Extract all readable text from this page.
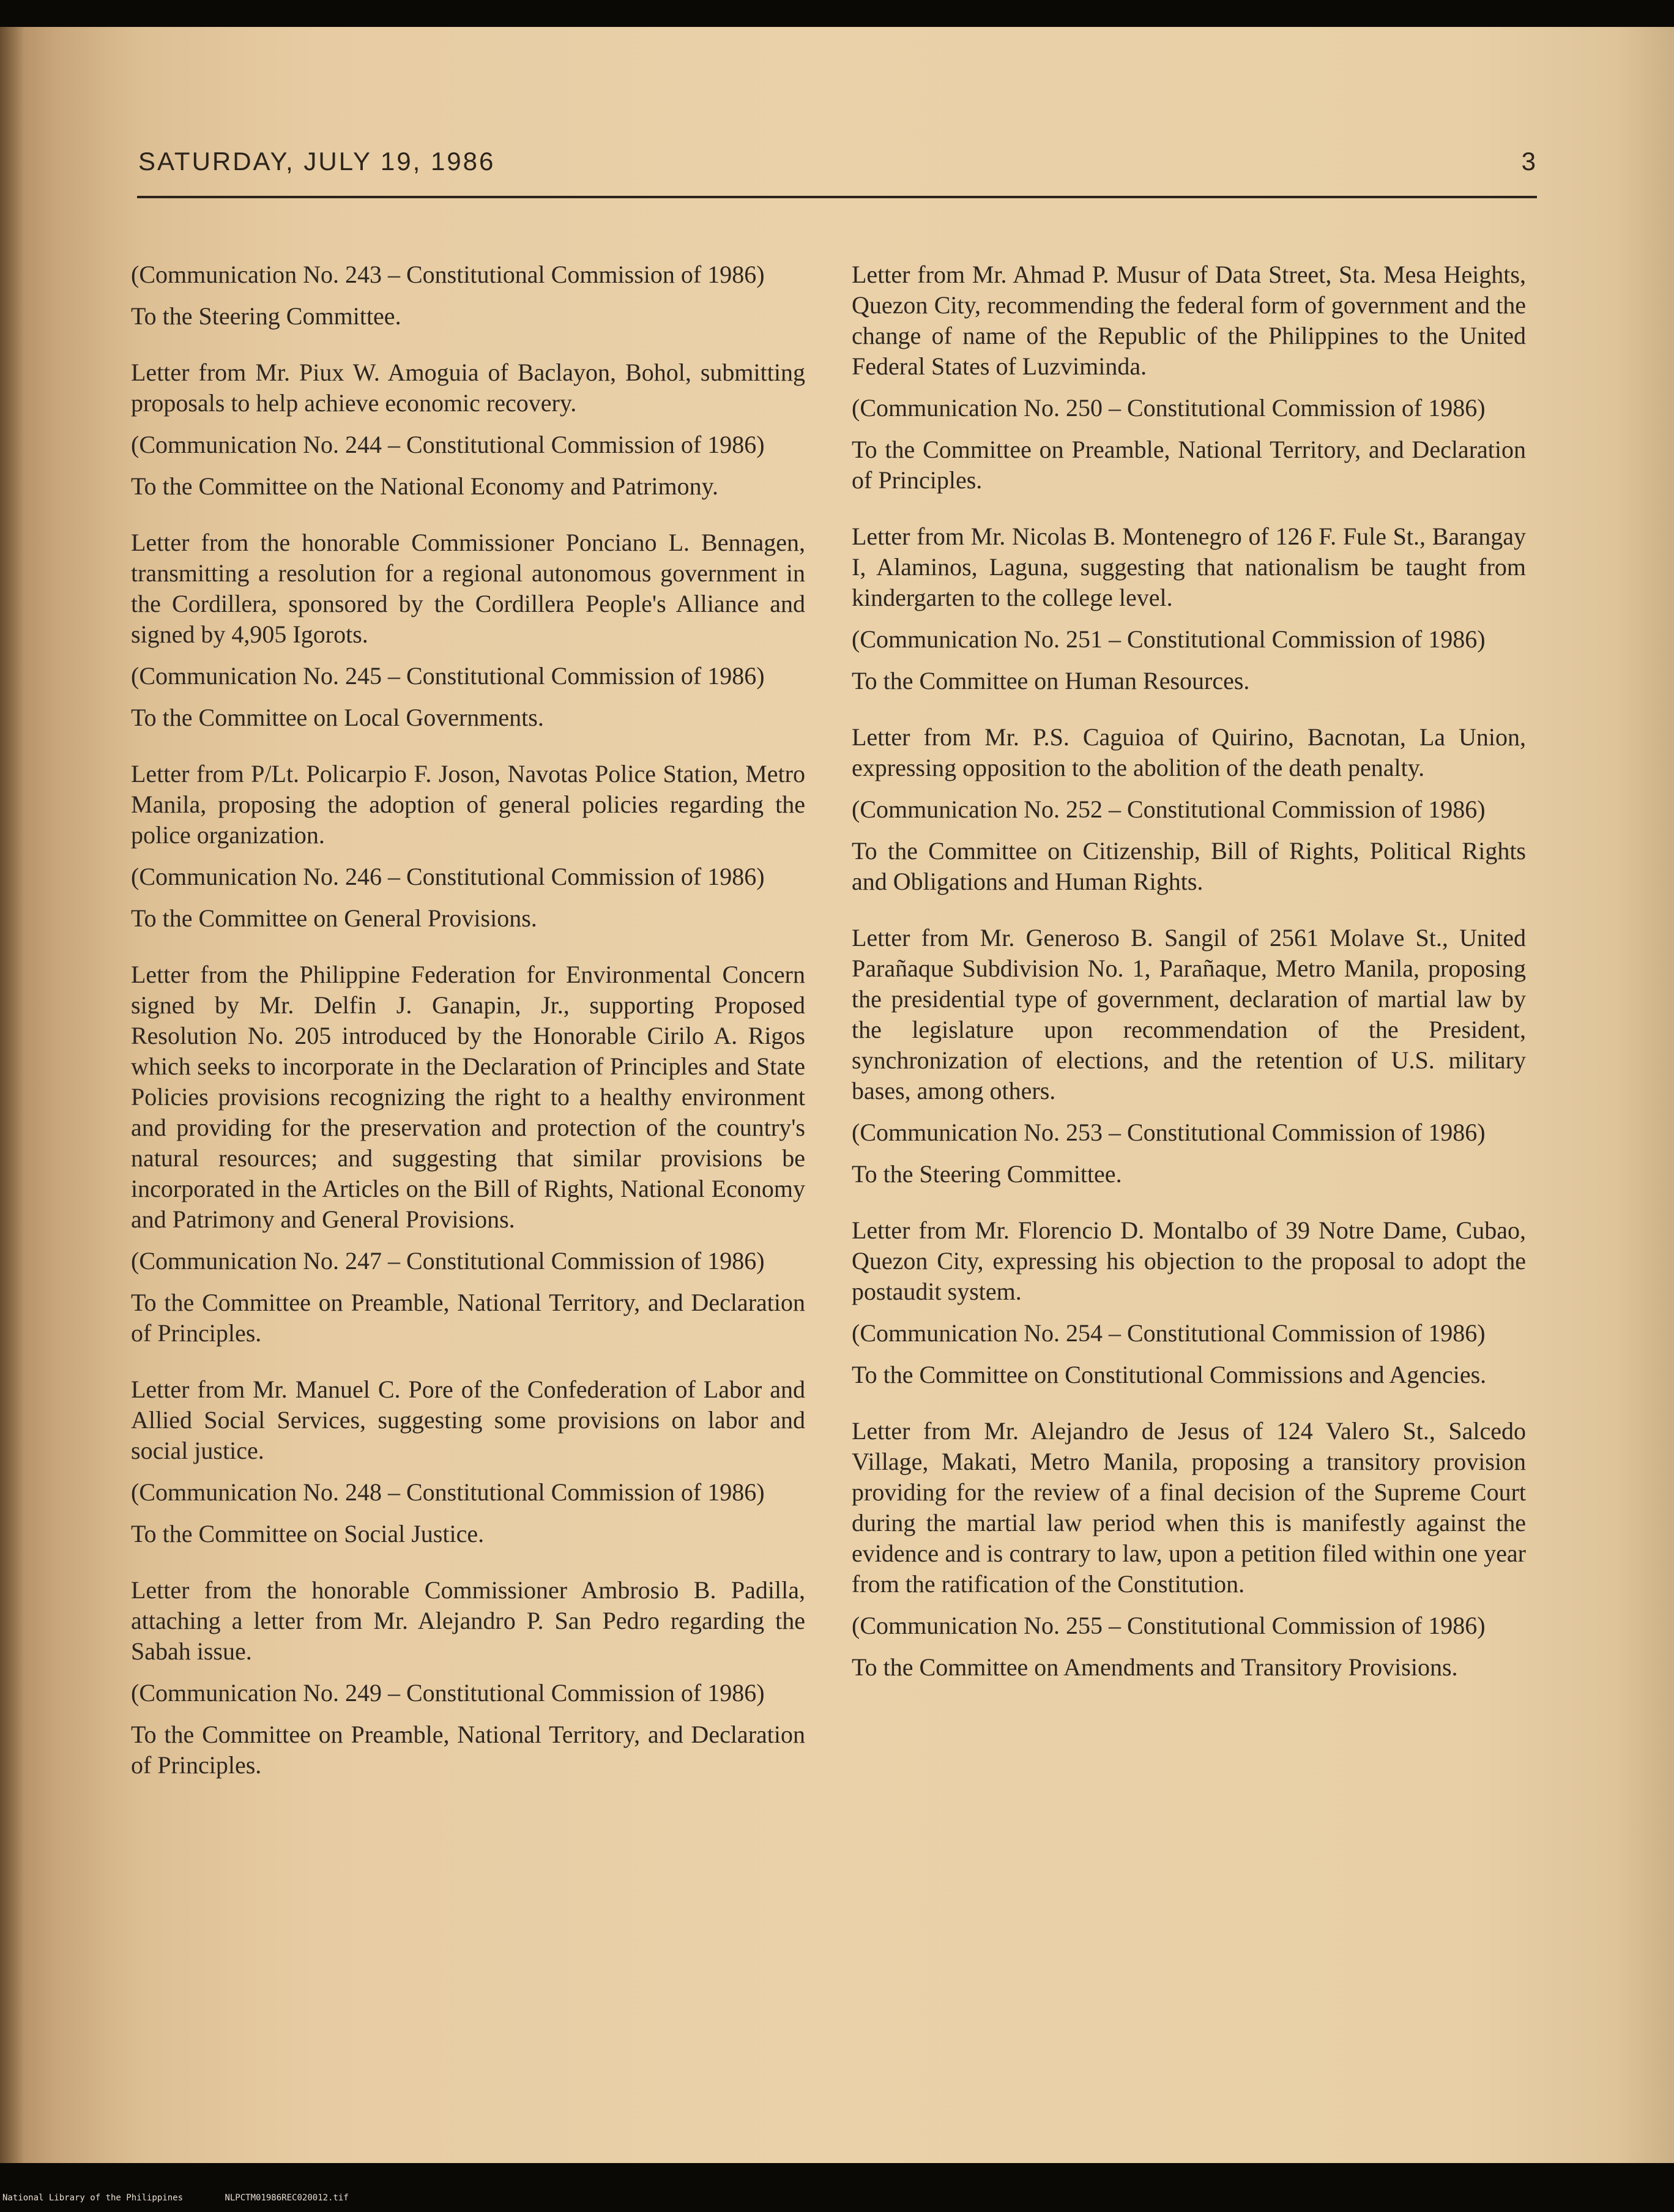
SATURDAY, JULY 19, 1986	3

(Communication No. 243 – Constitutional Commission of 1986)

To the Steering Committee.

Letter from Mr. Piux W. Amoguia of Baclayon, Bohol, submitting proposals to help achieve economic recovery.

(Communication No. 244 – Constitutional Commission of 1986)

To the Committee on the National Economy and Patrimony.

Letter from the honorable Commissioner Ponciano L. Bennagen, transmitting a resolution for a regional autonomous government in the Cordillera, sponsored by the Cordillera People's Alliance and signed by 4,905 Igorots.

(Communication No. 245 – Constitutional Commission of 1986)

To the Committee on Local Governments.

Letter from P/Lt. Policarpio F. Joson, Navotas Police Station, Metro Manila, proposing the adoption of general policies regarding the police organization.

(Communication No. 246 – Constitutional Commission of 1986)

To the Committee on General Provisions.

Letter from the Philippine Federation for Environmental Concern signed by Mr. Delfin J. Ganapin, Jr., supporting Proposed Resolution No. 205 introduced by the Honorable Cirilo A. Rigos which seeks to incorporate in the Declaration of Principles and State Policies provisions recognizing the right to a healthy environment and providing for the preservation and protection of the country's natural resources; and suggesting that similar provisions be incorporated in the Articles on the Bill of Rights, National Economy and Patrimony and General Provisions.

(Communication No. 247 – Constitutional Commission of 1986)

To the Committee on Preamble, National Territory, and Declaration of Principles.

Letter from Mr. Manuel C. Pore of the Confederation of Labor and Allied Social Services, suggesting some provisions on labor and social justice.

(Communication No. 248 – Constitutional Commission of 1986)

To the Committee on Social Justice.

Letter from the honorable Commissioner Ambrosio B. Padilla, attaching a letter from Mr. Alejandro P. San Pedro regarding the Sabah issue.

(Communication No. 249 – Constitutional Commission of 1986)

To the Committee on Preamble, National Territory, and Declaration of Principles.

Letter from Mr. Ahmad P. Musur of Data Street, Sta. Mesa Heights, Quezon City, recommending the federal form of government and the change of name of the Republic of the Philippines to the United Federal States of Luzviminda.

(Communication No. 250 – Constitutional Commission of 1986)

To the Committee on Preamble, National Territory, and Declaration of Principles.

Letter from Mr. Nicolas B. Montenegro of 126 F. Fule St., Barangay I, Alaminos, Laguna, suggesting that nationalism be taught from kindergarten to the college level.

(Communication No. 251 – Constitutional Commission of 1986)

To the Committee on Human Resources.

Letter from Mr. P.S. Caguioa of Quirino, Bacnotan, La Union, expressing opposition to the abolition of the death penalty.

(Communication No. 252 – Constitutional Commission of 1986)

To the Committee on Citizenship, Bill of Rights, Political Rights and Obligations and Human Rights.

Letter from Mr. Generoso B. Sangil of 2561 Molave St., United Parañaque Subdivision No. 1, Parañaque, Metro Manila, proposing the presidential type of government, declaration of martial law by the legislature upon recommendation of the President, synchronization of elections, and the retention of U.S. military bases, among others.

(Communication No. 253 – Constitutional Commission of 1986)

To the Steering Committee.

Letter from Mr. Florencio D. Montalbo of 39 Notre Dame, Cubao, Quezon City, expressing his objection to the proposal to adopt the postaudit system.

(Communication No. 254 – Constitutional Commission of 1986)

To the Committee on Constitutional Commissions and Agencies.

Letter from Mr. Alejandro de Jesus of 124 Valero St., Salcedo Village, Makati, Metro Manila, proposing a transitory provision providing for the review of a final decision of the Supreme Court during the martial law period when this is manifestly against the evidence and is contrary to law, upon a petition filed within one year from the ratification of the Constitution.

(Communication No. 255 – Constitutional Commission of 1986)

To the Committee on Amendments and Transitory Provisions.

National Library of the Philippines	NLPCTM01986REC020012.tif
